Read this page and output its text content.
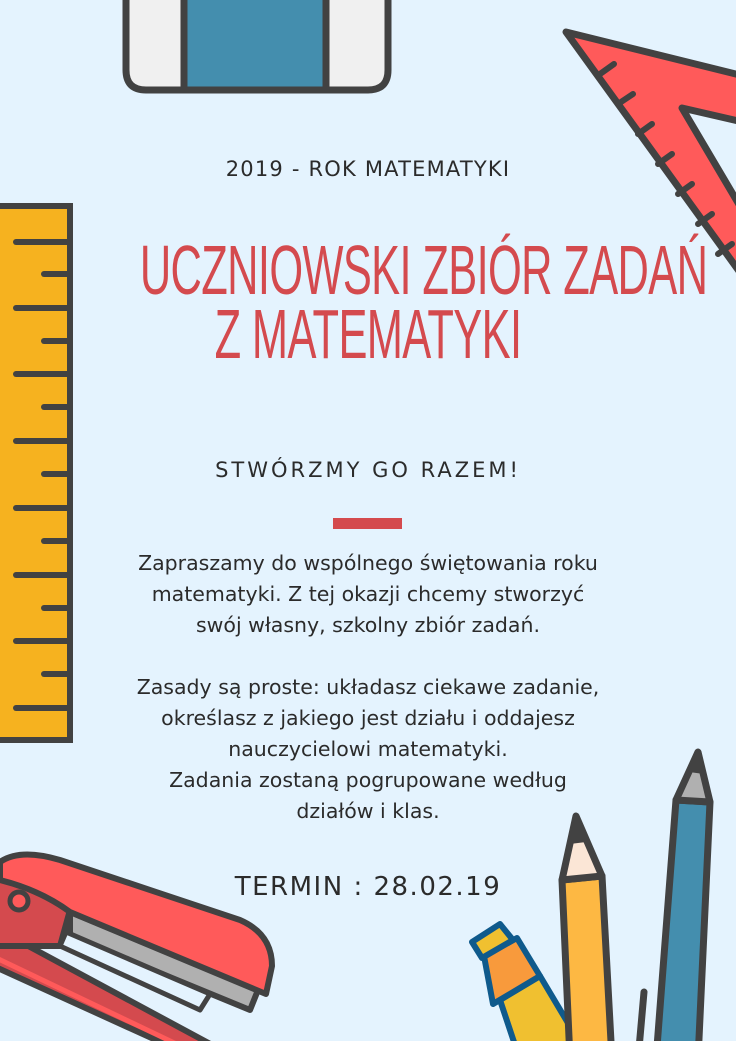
2019 - ROK MATEMATYKI
UCZNIOWSKI ZBIÓR ZADAŃ
Z MATEMATYKI
STWÓRZMY GO RAZEM!

Zapraszamy do wspólnego świętowania roku
matematyki. Z tej okazji chcemy stworzyć
swój własny, szkolny zbiór zadań.

Zasady są proste: układasz ciekawe zadanie,
określasz z jakiego jest działu i oddajesz
nauczycielowi matematyki.
Zadania zostaną pogrupowane według
działów i klas.

TERMIN : 28.02.19
